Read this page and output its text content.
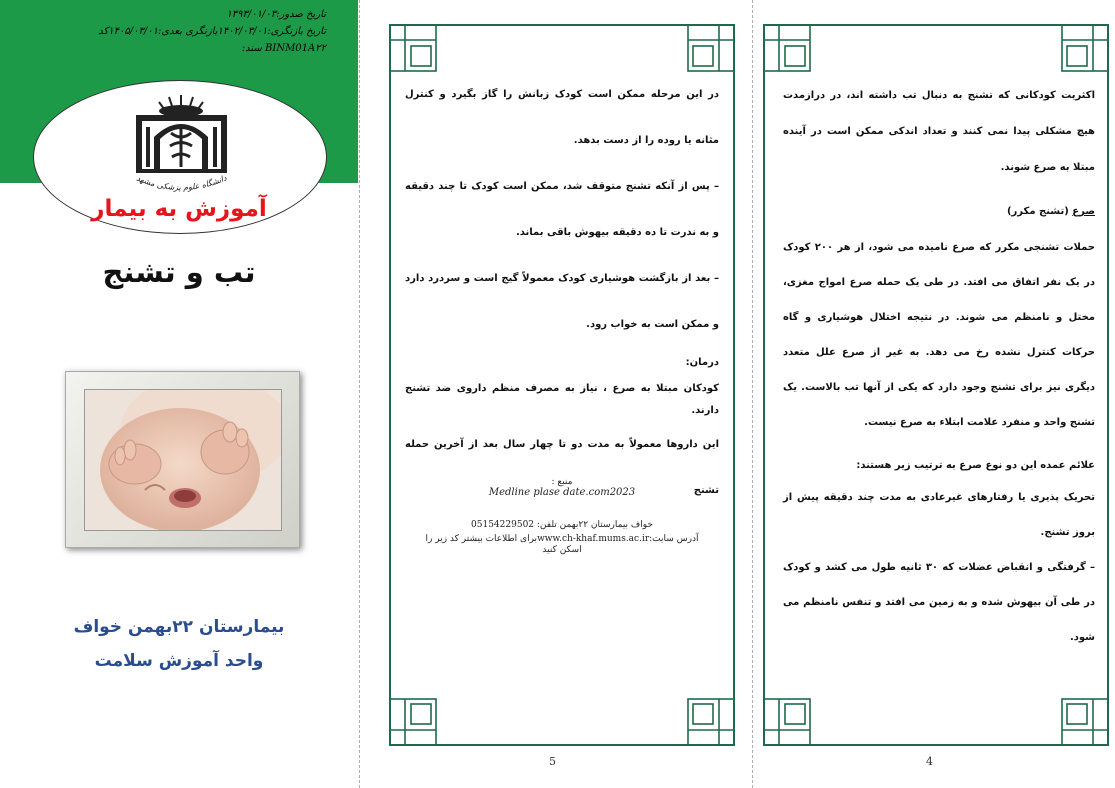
تاریخ صدور:۱۳۹۳/۰۱/۰۳
تاریخ بازنگری:۱۴۰۲/۰۳/۰۱بازنگری بعدی:۱۴۰۵/۰۳/۰۱کد
BINM01A۲۲ سند:
دانشگاه علوم پزشکی مشهد
آموزش به بیمار
تب و تشنج
بیمارستان ۲۲بهمن خواف
واحد آموزش سلامت

در این مرحله ممکن است کودک زبانش را گاز بگیرد و کنترل مثانه یا روده را از دست بدهد.

– پس از آنکه تشنج متوقف شد، ممکن است کودک تا چند دقیقه و به ندرت تا ده دقیقه بیهوش باقی بماند.

– بعد از بازگشت هوشیاری کودک معمولاً گیج است و سردرد دارد و ممکن است به خواب رود.

درمان:

کودکان مبتلا به صرع ، نیاز به مصرف منظم داروی ضد تشنج دارند.

این داروها معمولاً به مدت دو تا چهار سال بعد از آخرین حمله تشنج

منبع :
Medline plase date.com2023
خواف بیمارستان ۲۲بهمن تلفن: 05154229502
آدرس سایت:www.ch-khaf.mums.ac.irبرای اطلاعات بیشتر کد زیر را
اسکن کنید
5

اکثریت کودکانی که تشنج به دنبال تب داشته اند، در درازمدت هیچ مشکلی پیدا نمی کنند و تعداد اندکی ممکن است در آینده مبتلا به صرع شوند.

صرع (تشنج مکرر)

حملات تشنجی مکرر که صرع نامیده می شود، از هر ۲۰۰ کودک در یک نفر اتفاق می افتد. در طی یک حمله صرع امواج مغزی، مختل و نامنظم می شوند. در نتیجه اختلال هوشیاری و گاه حرکات کنترل نشده رخ می دهد. به غیر از صرع علل متعدد دیگری نیز برای تشنج وجود دارد که یکی از آنها تب بالاست. یک تشنج واحد و منفرد علامت ابتلاء به صرع نیست.

علائم عمده این دو نوع صرع به ترتیب زیر هستند:

تحریک پذیری یا رفتارهای غیرعادی به مدت چند دقیقه پیش از بروز تشنج.

– گرفتگی و انقباض عضلات که ۳۰ ثانیه طول می کشد و کودک در طی آن بیهوش شده و به زمین می افتد و تنفس نامنظم می شود.

4
